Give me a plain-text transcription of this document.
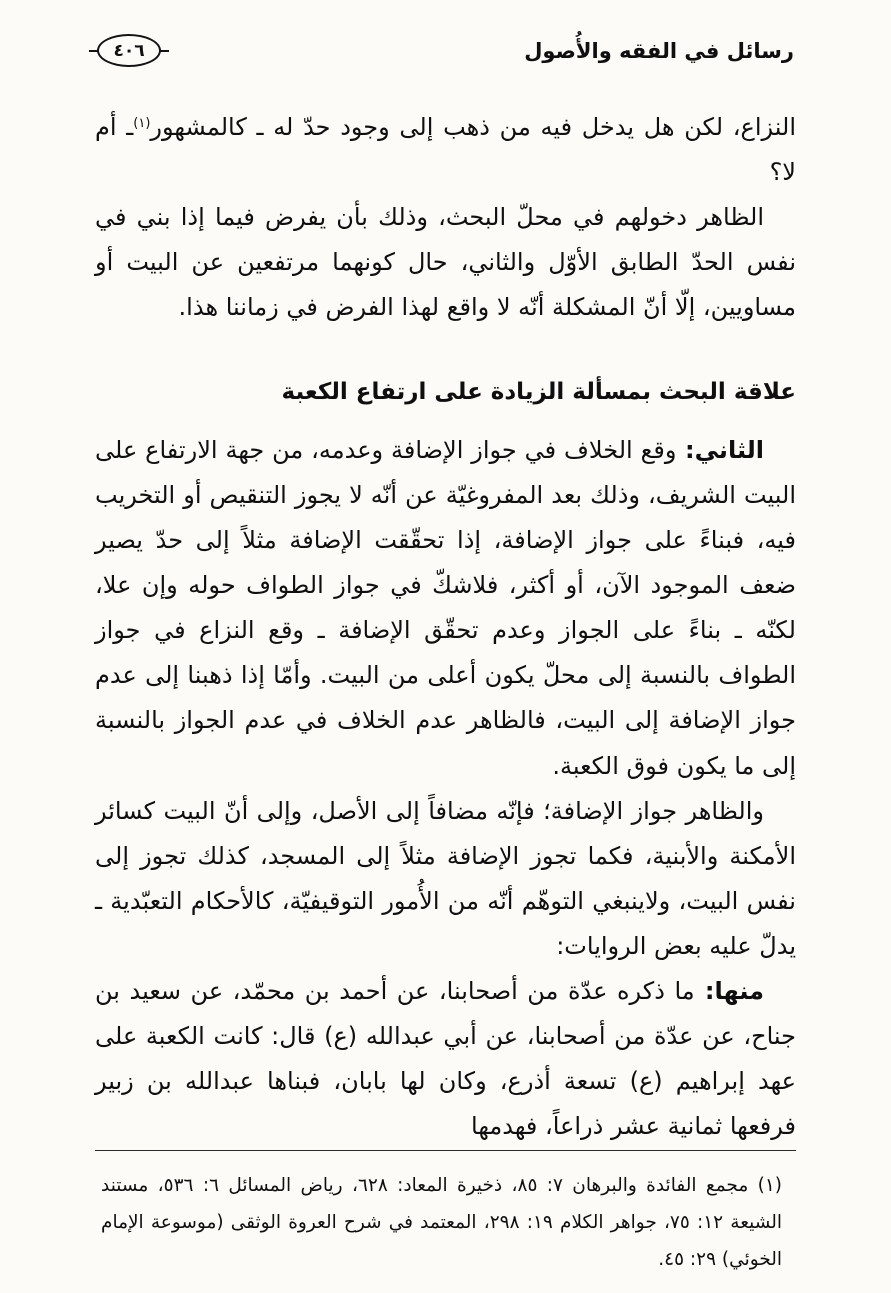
رسائل في الفقه والأُصول
٤٠٦

النزاع، لكن هل يدخل فيه من ذهب إلى وجود حدّ له ـ كالمشهور$^{(١)}$ـ أم لا؟

الظاهر دخولهم في محلّ البحث، وذلك بأن يفرض فيما إذا بني في نفس الحدّ الطابق الأوّل والثاني، حال كونهما مرتفعين عن البيت أو مساويين، إلّا أنّ المشكلة أنّه لا واقع لهذا الفرض في زماننا هذا.

علاقة البحث بمسألة الزيادة على ارتفاع الكعبة

الثاني: وقع الخلاف في جواز الإضافة وعدمه، من جهة الارتفاع على البيت الشريف، وذلك بعد المفروغيّة عن أنّه لا يجوز التنقيص أو التخريب فيه، فبناءً على جواز الإضافة، إذا تحقّقت الإضافة مثلاً إلى حدّ يصير ضعف الموجود الآن، أو أكثر، فلاشكّ في جواز الطواف حوله وإن علا، لكنّه ـ بناءً على الجواز وعدم تحقّق الإضافة ـ وقع النزاع في جواز الطواف بالنسبة إلى محلّ يكون أعلى من البيت. وأمّا إذا ذهبنا إلى عدم جواز الإضافة إلى البيت، فالظاهر عدم الخلاف في عدم الجواز بالنسبة إلى ما يكون فوق الكعبة.

والظاهر جواز الإضافة؛ فإنّه مضافاً إلى الأصل، وإلى أنّ البيت كسائر الأمكنة والأبنية، فكما تجوز الإضافة مثلاً إلى المسجد، كذلك تجوز إلى نفس البيت، ولاينبغي التوهّم أنّه من الأُمور التوقيفيّة، كالأحكام التعبّدية ـ يدلّ عليه بعض الروايات:

منها: ما ذكره عدّة من أصحابنا، عن أحمد بن محمّد، عن سعيد بن جناح، عن عدّة من أصحابنا، عن أبي عبدالله (ع) قال: كانت الكعبة على عهد إبراهيم (ع) تسعة أذرع، وكان لها بابان، فبناها عبدالله بن زبير فرفعها ثمانية عشر ذراعاً، فهدمها

(١) مجمع الفائدة والبرهان ٧: ٨٥، ذخيرة المعاد: ٦٢٨، رياض المسائل ٦: ٥٣٦، مستند الشيعة ١٢: ٧٥، جواهر الكلام ١٩: ٢٩٨، المعتمد في شرح العروة الوثقى (موسوعة الإمام الخوئي) ٢٩: ٤٥.
